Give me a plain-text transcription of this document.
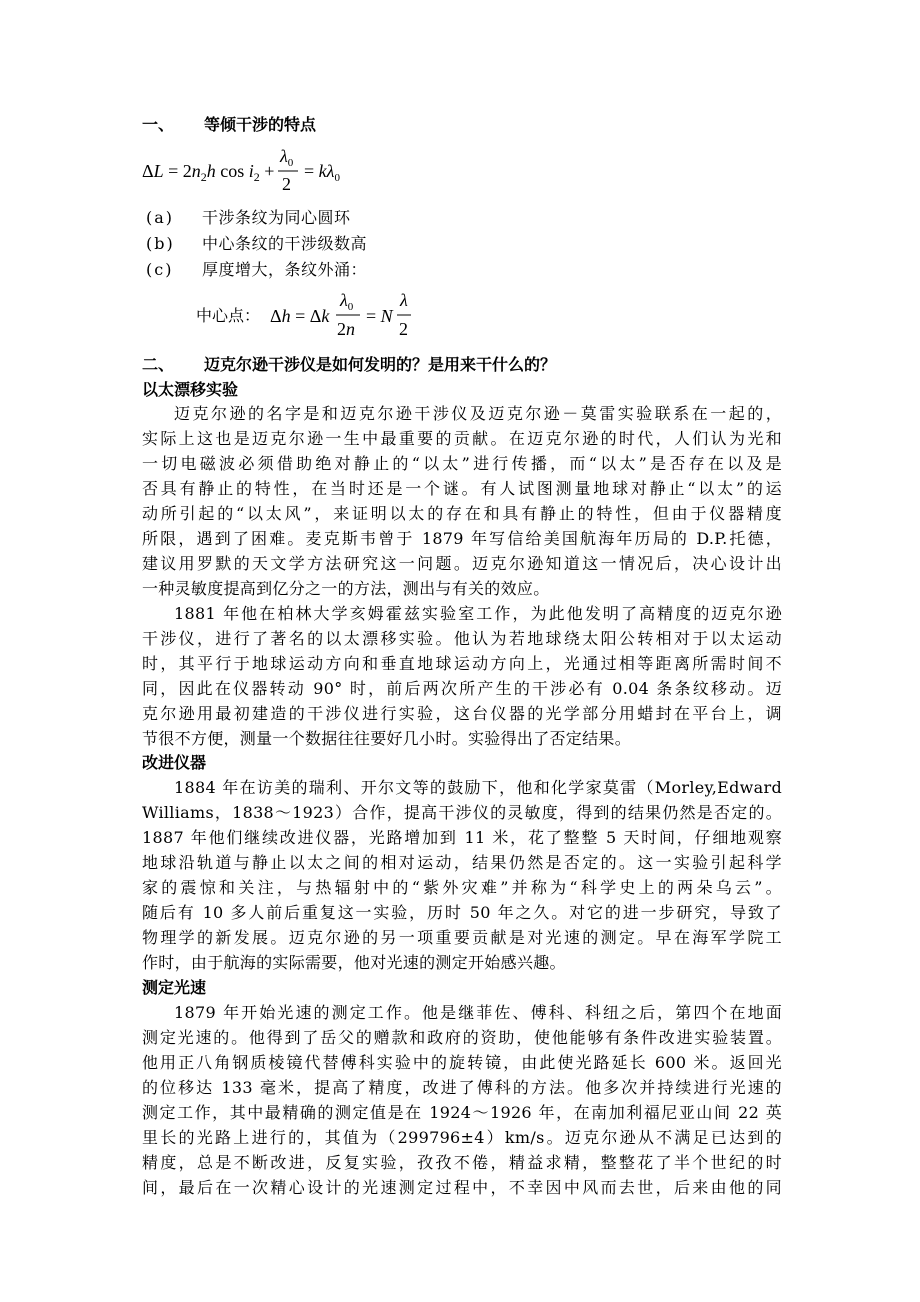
一、 等倾干涉的特点
$\Delta L = 2n_2h$ $\cos i_2$ +
$\lambda_0$
2
= $k\lambda_0$
(a) 干涉条纹为同心圆环
(b) 中心条纹的干涉级数高
(c) 厚度增大，条纹外涌：
中心点： Δh = Δk
$\lambda_0$
2n
= N
λ
2
二、 迈克尔逊干涉仪是如何发明的？是用来干什么的？
以太漂移实验
迈克尔逊的名字是和迈克尔逊干涉仪及迈克尔逊－莫雷实验联系在一起的，
实际上这也是迈克尔逊一生中最重要的贡献。在迈克尔逊的时代，人们认为光和
一切电磁波必须借助绝对静止的“以太”进行传播，而“以太”是否存在以及是
否具有静止的特性，在当时还是一个谜。有人试图测量地球对静止“以太”的运
动所引起的“以太风”，来证明以太的存在和具有静止的特性，但由于仪器精度
所限，遇到了困难。麦克斯韦曾于 1879 年写信给美国航海年历局的 D.P.托德，
建议用罗默的天文学方法研究这一问题。迈克尔逊知道这一情况后，决心设计出
一种灵敏度提高到亿分之一的方法，测出与有关的效应。
1881 年他在柏林大学亥姆霍兹实验室工作，为此他发明了高精度的迈克尔逊
干涉仪，进行了著名的以太漂移实验。他认为若地球绕太阳公转相对于以太运动
时，其平行于地球运动方向和垂直地球运动方向上，光通过相等距离所需时间不
同，因此在仪器转动 90° 时，前后两次所产生的干涉必有 0.04 条条纹移动。迈
克尔逊用最初建造的干涉仪进行实验，这台仪器的光学部分用蜡封在平台上，调
节很不方便，测量一个数据往往要好几小时。实验得出了否定结果。
改进仪器
1884 年在访美的瑞利、开尔文等的鼓励下，他和化学家莫雷（Morley,Edward
Williams，1838～1923）合作，提高干涉仪的灵敏度，得到的结果仍然是否定的。
1887 年他们继续改进仪器，光路增加到 11 米，花了整整 5 天时间，仔细地观察
地球沿轨道与静止以太之间的相对运动，结果仍然是否定的。这一实验引起科学
家的震惊和关注，与热辐射中的“紫外灾难”并称为“科学史上的两朵乌云”。
随后有 10 多人前后重复这一实验，历时 50 年之久。对它的进一步研究，导致了
物理学的新发展。迈克尔逊的另一项重要贡献是对光速的测定。早在海军学院工
作时，由于航海的实际需要，他对光速的测定开始感兴趣。
测定光速
1879 年开始光速的测定工作。他是继菲佐、傅科、科纽之后，第四个在地面
测定光速的。他得到了岳父的赠款和政府的资助，使他能够有条件改进实验装置。
他用正八角钢质棱镜代替傅科实验中的旋转镜，由此使光路延长 600 米。返回光
的位移达 133 毫米，提高了精度，改进了傅科的方法。他多次并持续进行光速的
测定工作，其中最精确的测定值是在 1924～1926 年，在南加利福尼亚山间 22 英
里长的光路上进行的，其值为（299796±4）km/s。迈克尔逊从不满足已达到的
精度，总是不断改进，反复实验，孜孜不倦，精益求精，整整花了半个世纪的时
间，最后在一次精心设计的光速测定过程中，不幸因中风而去世，后来由他的同
